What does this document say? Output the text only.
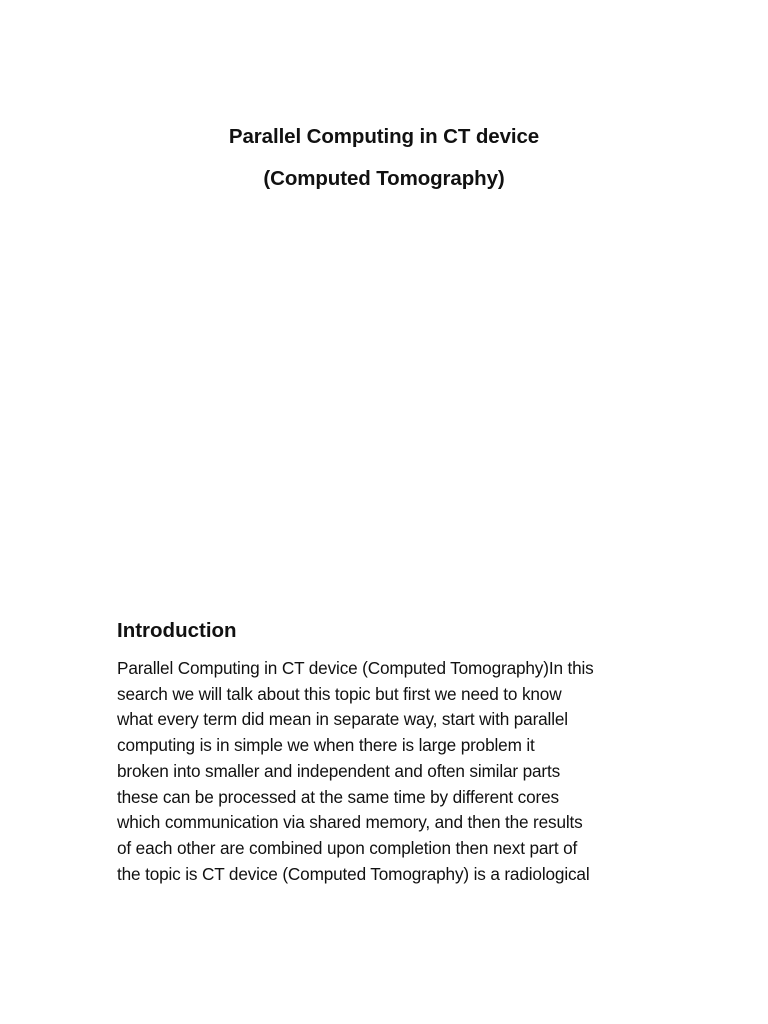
Parallel Computing in CT device
(Computed Tomography)
Introduction
Parallel Computing in CT device (Computed Tomography)In this
search we will talk about this topic but first we need to know
what every term did mean in separate way, start with parallel
computing is in simple we when there is large problem it
broken into smaller and independent and often similar parts
these can be processed at the same time by different cores
which communication via shared memory, and then the results
of each other are combined upon completion then next part of
the topic is CT device (Computed Tomography) is a radiological
